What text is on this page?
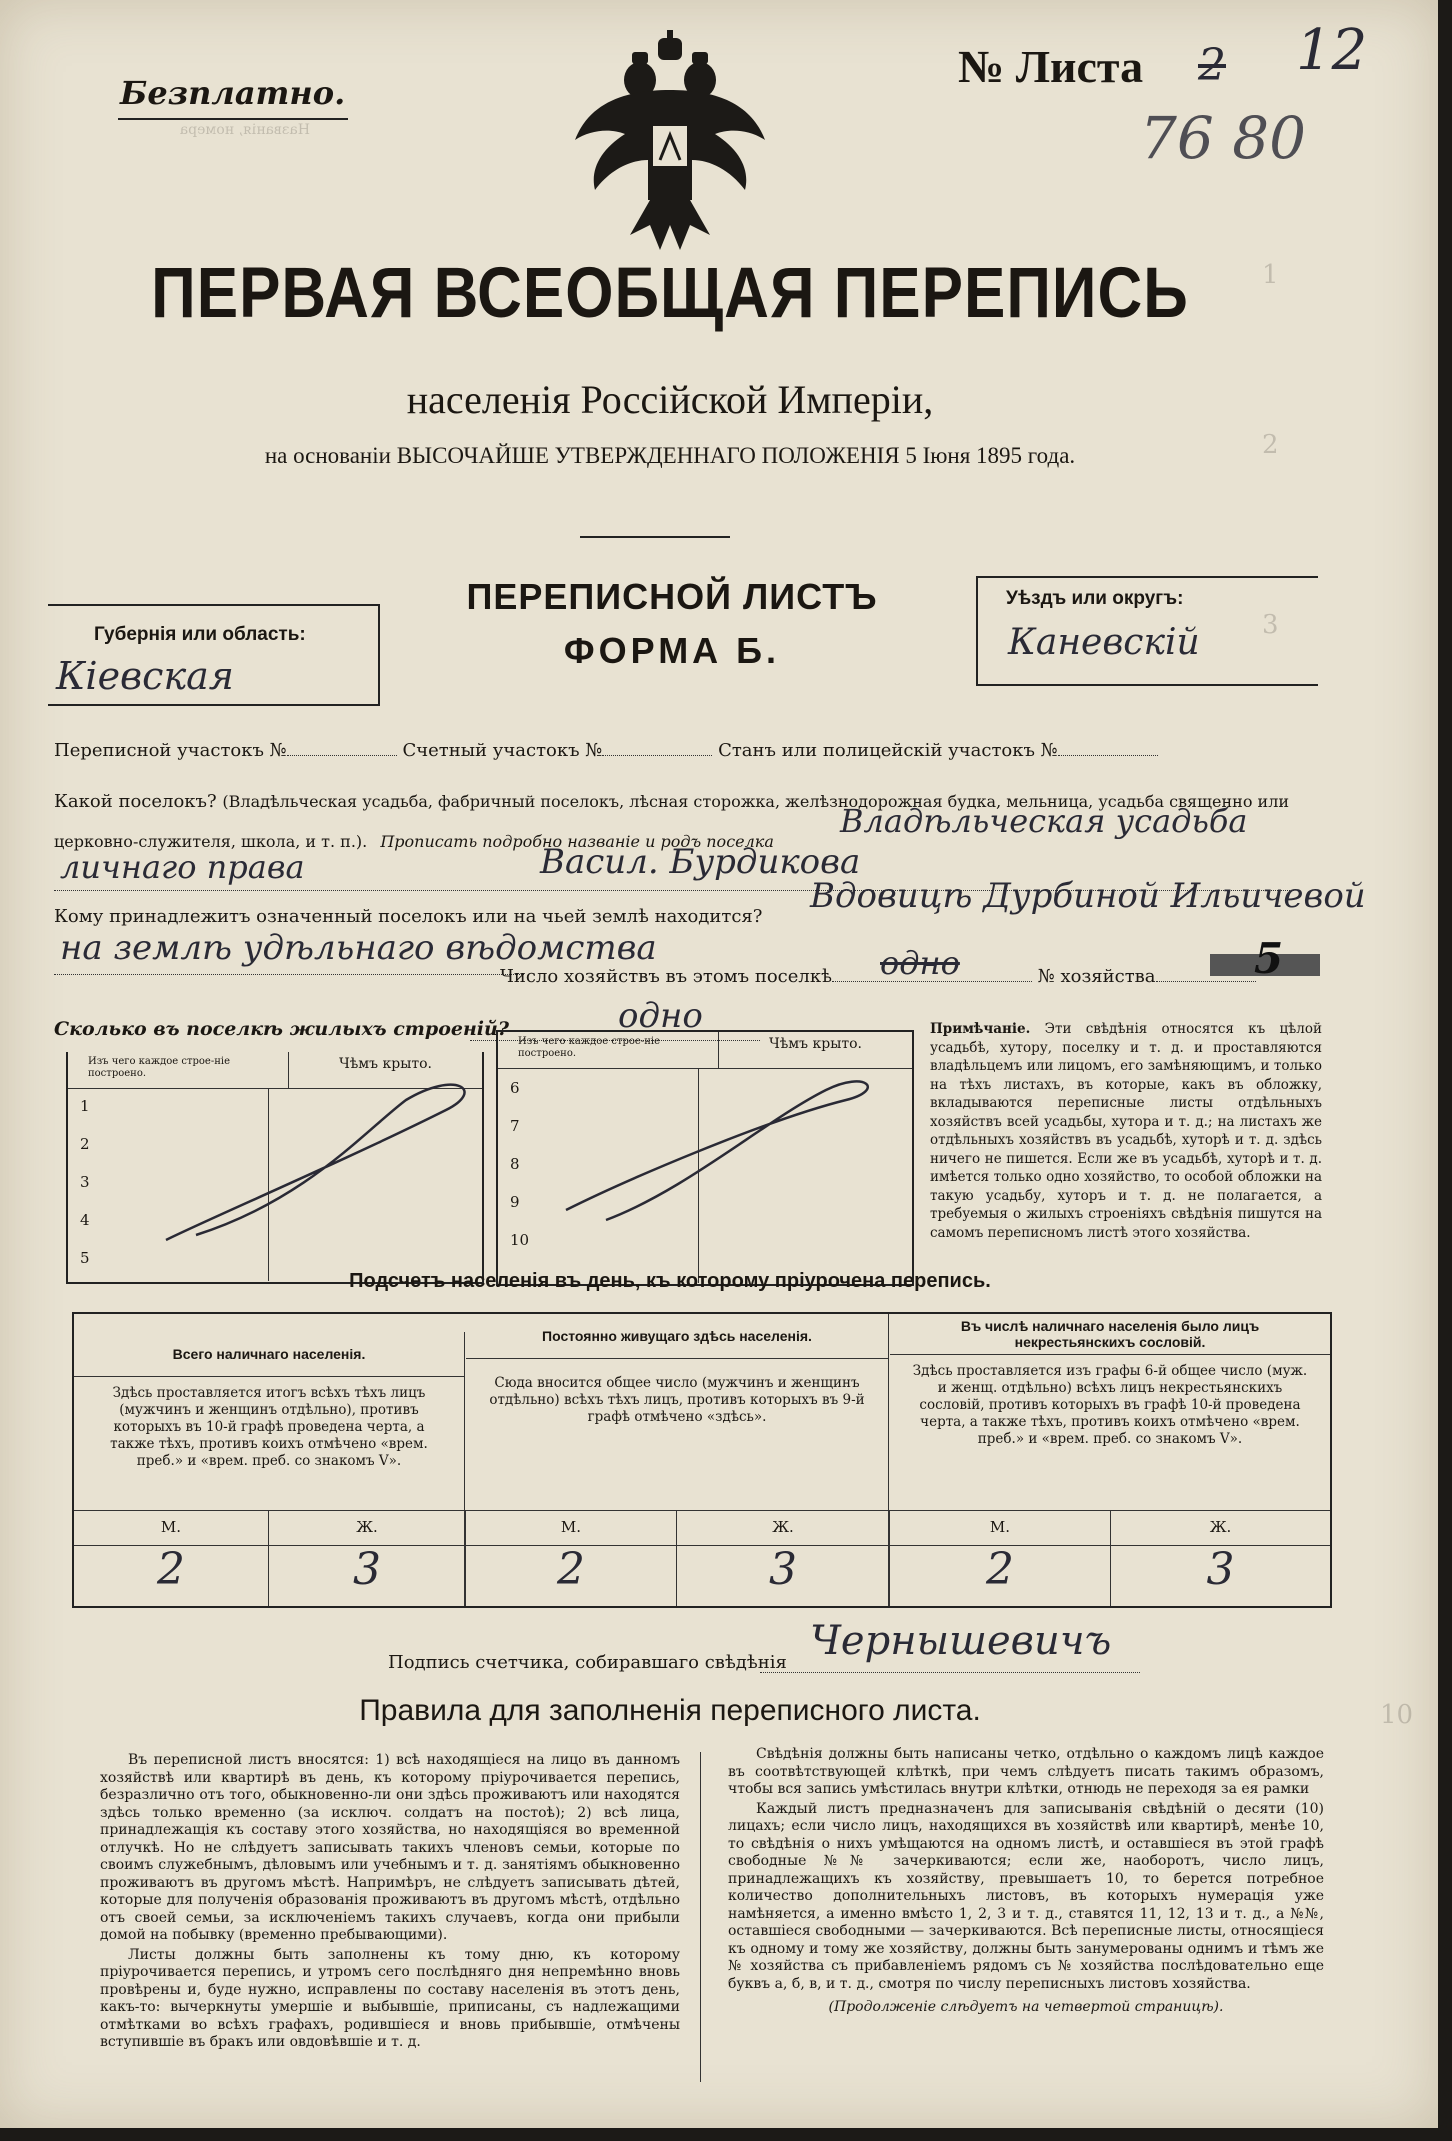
Названія, номера
1
2
3
10
Безплатно.
№ Листа 2 12
76 80
ПЕРВАЯ ВСЕОБЩАЯ ПЕРЕПИСЬ
населенія Россійской Имперіи,
на основаніи ВЫСОЧАЙШЕ УТВЕРЖДЕННАГО ПОЛОЖЕНІЯ 5 Іюня 1895 года.
Губернія или область:
Кіевская
ПЕРЕПИСНОЙ ЛИСТЪ
ФОРМА Б.
Уѣздъ или округъ:
Каневскій
Переписной участокъ №	Счетный участокъ №	Станъ или полицейскій участокъ №
Какой поселокъ? (Владѣльческая усадьба, фабричный поселокъ, лѣсная сторожка, желѣзнодорожная будка, мельница, усадьба священно или
церковно-служителя, школа, и т. п.). Прописать подробно названіе и родъ поселка
Владѣльческая усадьба
личнаго права	Васил. Бурдикова
Кому принадлежитъ означенный поселокъ или на чьей землѣ находится?
Вдовицѣ Дурбиной Ильичевой
на землѣ удѣльнаго вѣдомства
Число хозяйствъ въ этомъ поселкѣ	№ хозяйства
одно	5
Сколько въ поселкѣ жилыхъ строеній?	одно
Изъ чего каждое строе-ніе построено.
Чѣмъ крыто.
1
2
3
4
5
Изъ чего каждое строе-ніе построено.
Чѣмъ крыто.
6
7
8
9
10
Примѣчаніе. Эти свѣдѣнія относятся къ цѣлой усадьбѣ, хутору, поселку и т. д. и проставляются владѣльцемъ или лицомъ, его замѣняющимъ, и только на тѣхъ листахъ, въ которые, какъ въ обложку, вкладываются переписные листы отдѣльныхъ хозяйствъ всей усадьбы, хутора и т. д.; на листахъ же отдѣльныхъ хозяйствъ въ усадьбѣ, хуторѣ и т. д. здѣсь ничего не пишется. Если же въ усадьбѣ, хуторѣ и т. д. имѣется только одно хозяйство, то особой обложки на такую усадьбу, хуторъ и т. д. не полагается, а требуемыя о жилыхъ строеніяхъ свѣдѣнія пишутся на самомъ переписномъ листѣ этого хозяйства.
Подсчетъ населенія въ день, къ которому пріурочена перепись.
Всего наличнаго населенія.
Здѣсь проставляется итогъ всѣхъ тѣхъ лицъ (мужчинъ и женщинъ отдѣльно), противъ которыхъ въ 10-й графѣ проведена черта, а также тѣхъ, противъ коихъ отмѣчено «врем. преб.» и «врем. преб. со знакомъ V».
Постоянно живущаго здѣсь населенія.
Сюда вносится общее число (мужчинъ и женщинъ отдѣльно) всѣхъ тѣхъ лицъ, противъ которыхъ въ 9-й графѣ отмѣчено «здѣсь».
Въ числѣ наличнаго населенія было лицъ некрестьянскихъ сословій.
Здѣсь проставляется изъ графы 6-й общее число (муж. и женщ. отдѣльно) всѣхъ лицъ некрестьянскихъ сословій, противъ которыхъ въ графѣ 10-й проведена черта, а также тѣхъ, противъ коихъ отмѣчено «врем. преб.» и «врем. преб. со знакомъ V».
М.	Ж.	М.	Ж.	М.	Ж.
2	3	2	3	2	3
Подпись счетчика, собиравшаго свѣдѣнія Чернышевичъ
Правила для заполненія переписного листа.

Въ переписной листъ вносятся: 1) всѣ находящіеся на лицо въ данномъ хозяйствѣ или квартирѣ въ день, къ которому пріурочивается перепись, безразлично отъ того, обыкновенно-ли они здѣсь проживаютъ или находятся здѣсь только временно (за исключ. солдатъ на постоѣ); 2) всѣ лица, принадлежащія къ составу этого хозяйства, но находящіяся во временной отлучкѣ. Но не слѣдуетъ записывать такихъ членовъ семьи, которые по своимъ служебнымъ, дѣловымъ или учебнымъ и т. д. занятіямъ обыкновенно проживаютъ въ другомъ мѣстѣ. Напримѣръ, не слѣдуетъ записывать дѣтей, которые для полученія образованія проживаютъ въ другомъ мѣстѣ, отдѣльно отъ своей семьи, за исключеніемъ такихъ случаевъ, когда они прибыли домой на побывку (временно пребывающими).

Листы должны быть заполнены къ тому дню, къ которому пріурочивается перепись, и утромъ сего послѣдняго дня непремѣнно вновь провѣрены и, буде нужно, исправлены по составу населенія въ этотъ день, какъ-то: вычеркнуты умершіе и выбывшіе, приписаны, съ надлежащими отмѣтками во всѣхъ графахъ, родившіеся и вновь прибывшіе, отмѣчены вступившіе въ бракъ или овдовѣвшіе и т. д.

Свѣдѣнія должны быть написаны четко, отдѣльно о каждомъ лицѣ каждое въ соотвѣтствующей клѣткѣ, при чемъ слѣдуетъ писать такимъ образомъ, чтобы вся запись умѣстилась внутри клѣтки, отнюдь не переходя за ея рамки

Каждый листъ предназначенъ для записыванія свѣдѣній о десяти (10) лицахъ; если число лицъ, находящихся въ хозяйствѣ или квартирѣ, менѣе 10, то свѣдѣнія о нихъ умѣщаются на одномъ листѣ, и оставшіеся въ этой графѣ свободные №№ зачеркиваются; если же, наоборотъ, число лицъ, принадлежащихъ къ хозяйству, превышаетъ 10, то берется потребное количество дополнительныхъ листовъ, въ которыхъ нумерація уже намѣняется, а именно вмѣсто 1, 2, 3 и т. д., ставятся 11, 12, 13 и т. д., а №№, оставшіеся свободными — зачеркиваются. Всѣ переписные листы, относящіеся къ одному и тому же хозяйству, должны быть занумерованы однимъ и тѣмъ же № хозяйства съ прибавленіемъ рядомъ съ № хозяйства послѣдовательно еще буквъ а, б, в, и т. д., смотря по числу переписныхъ листовъ хозяйства.

(Продолженіе слѣдуетъ на четвертой страницѣ).
